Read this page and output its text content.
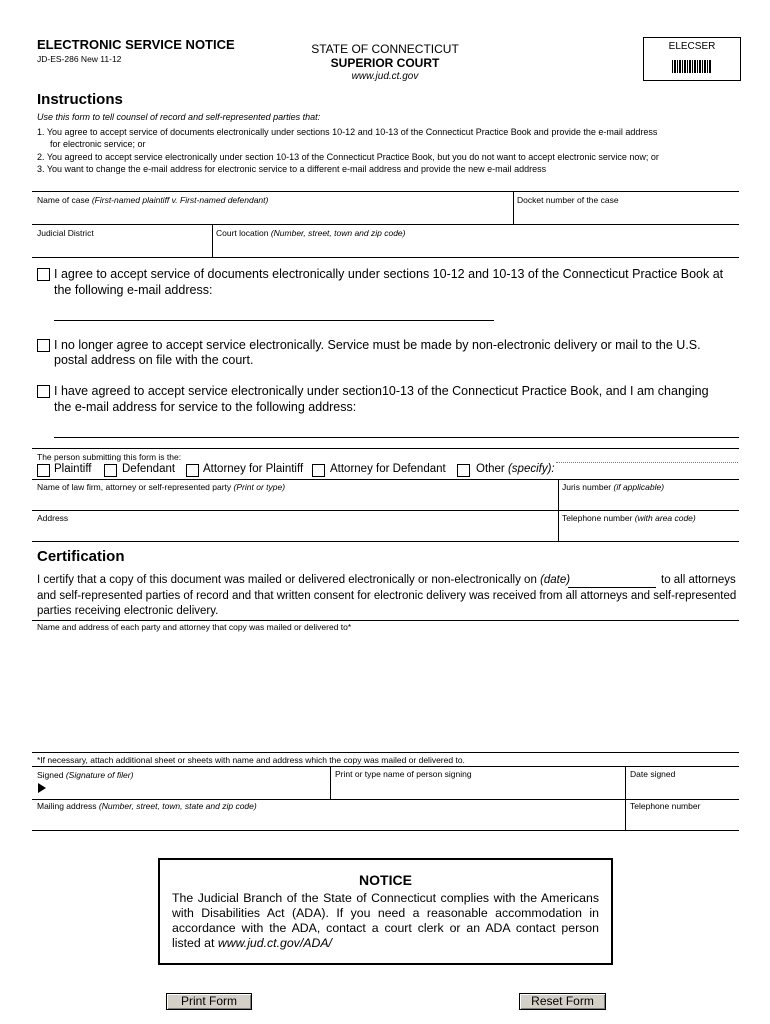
ELECTRONIC SERVICE NOTICE
JD-ES-286 New 11-12
STATE OF CONNECTICUT
SUPERIOR COURT
www.jud.ct.gov
ELECSER
Instructions
Use this form to tell counsel of record and self-represented parties that:
1. You agree to accept service of documents electronically under sections 10-12 and 10-13 of the Connecticut Practice Book and provide the e-mail address
for electronic service; or
2. You agreed to accept service electronically under section 10-13 of the Connecticut Practice Book, but you do not want to accept electronic service now; or
3. You want to change the e-mail address for electronic service to a different e-mail address and provide the new e-mail address
Name of case (First-named plaintiff v. First-named defendant)	Docket number of the case
Judicial District	Court location (Number, street, town and zip code)
I agree to accept service of documents electronically under sections 10-12 and 10-13 of the Connecticut Practice Book at
the following e-mail address:
I no longer agree to accept service electronically. Service must be made by non-electronic delivery or mail to the U.S.
postal address on file with the court.
I have agreed to accept service electronically under section10-13 of the Connecticut Practice Book, and I am changing
the e-mail address for service to the following address:
The person submitting this form is the:
Plaintiff	Defendant Attorney for Plaintiff Attorney for Defendant	Other (specify):
Name of law firm, attorney or self-represented party (Print or type)	Juris number (if applicable)
Address	Telephone number (with area code)
Certification
I certify that a copy of this document was mailed or delivered electronically or non-electronically on (date)	to all attorneys
and self-represented parties of record and that written consent for electronic delivery was received from all attorneys and self-represented
parties receiving electronic delivery.
Name and address of each party and attorney that copy was mailed or delivered to*
*If necessary, attach additional sheet or sheets with name and address which the copy was mailed or delivered to.
Signed (Signature of filer)	Print or type name of person signing	Date signed
Mailing address (Number, street, town, state and zip code)	Telephone number
NOTICE
The Judicial Branch of the State of Connecticut complies with the Americans with Disabilities Act (ADA). If you need a reasonable accommodation in accordance with the ADA, contact a court clerk or an ADA contact person listed at www.jud.ct.gov/ADA/
Print Form	Reset Form
